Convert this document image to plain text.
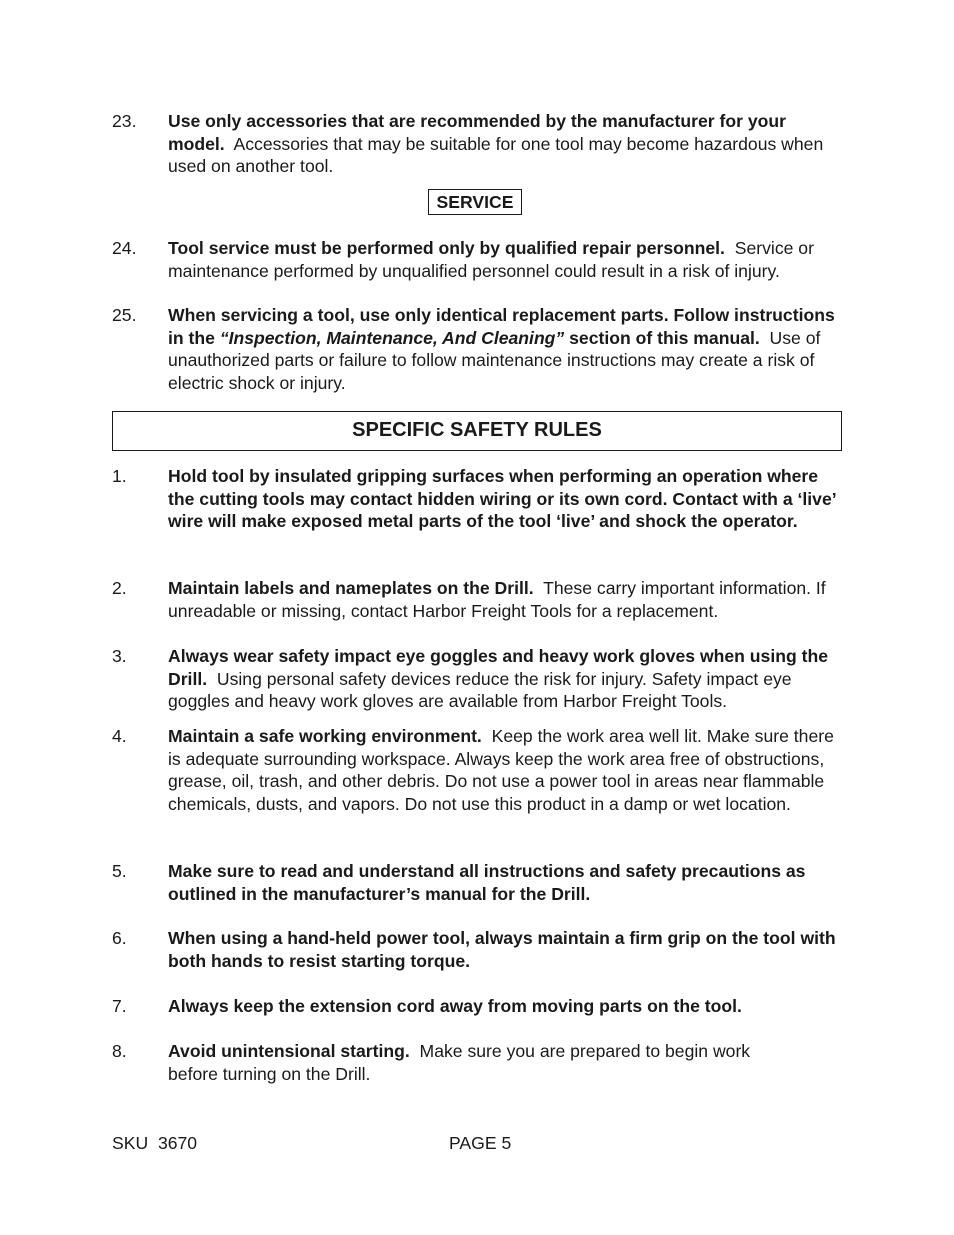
23. Use only accessories that are recommended by the manufacturer for your model. Accessories that may be suitable for one tool may become hazardous when used on another tool.
SERVICE
24. Tool service must be performed only by qualified repair personnel. Service or maintenance performed by unqualified personnel could result in a risk of injury.
25. When servicing a tool, use only identical replacement parts. Follow instructions in the “Inspection, Maintenance, And Cleaning” section of this manual. Use of unauthorized parts or failure to follow maintenance instructions may create a risk of electric shock or injury.
SPECIFIC SAFETY RULES
1. Hold tool by insulated gripping surfaces when performing an operation where the cutting tools may contact hidden wiring or its own cord. Contact with a ‘live’ wire will make exposed metal parts of the tool ‘live’ and shock the operator.
2. Maintain labels and nameplates on the Drill. These carry important information. If unreadable or missing, contact Harbor Freight Tools for a replacement.
3. Always wear safety impact eye goggles and heavy work gloves when using the Drill. Using personal safety devices reduce the risk for injury. Safety impact eye goggles and heavy work gloves are available from Harbor Freight Tools.
4. Maintain a safe working environment. Keep the work area well lit. Make sure there is adequate surrounding workspace. Always keep the work area free of obstructions, grease, oil, trash, and other debris. Do not use a power tool in areas near flammable chemicals, dusts, and vapors. Do not use this product in a damp or wet location.
5. Make sure to read and understand all instructions and safety precautions as outlined in the manufacturer’s manual for the Drill.
6. When using a hand-held power tool, always maintain a firm grip on the tool with both hands to resist starting torque.
7. Always keep the extension cord away from moving parts on the tool.
8. Avoid unintensional starting. Make sure you are prepared to begin work before turning on the Drill.
SKU  3670	PAGE 5
